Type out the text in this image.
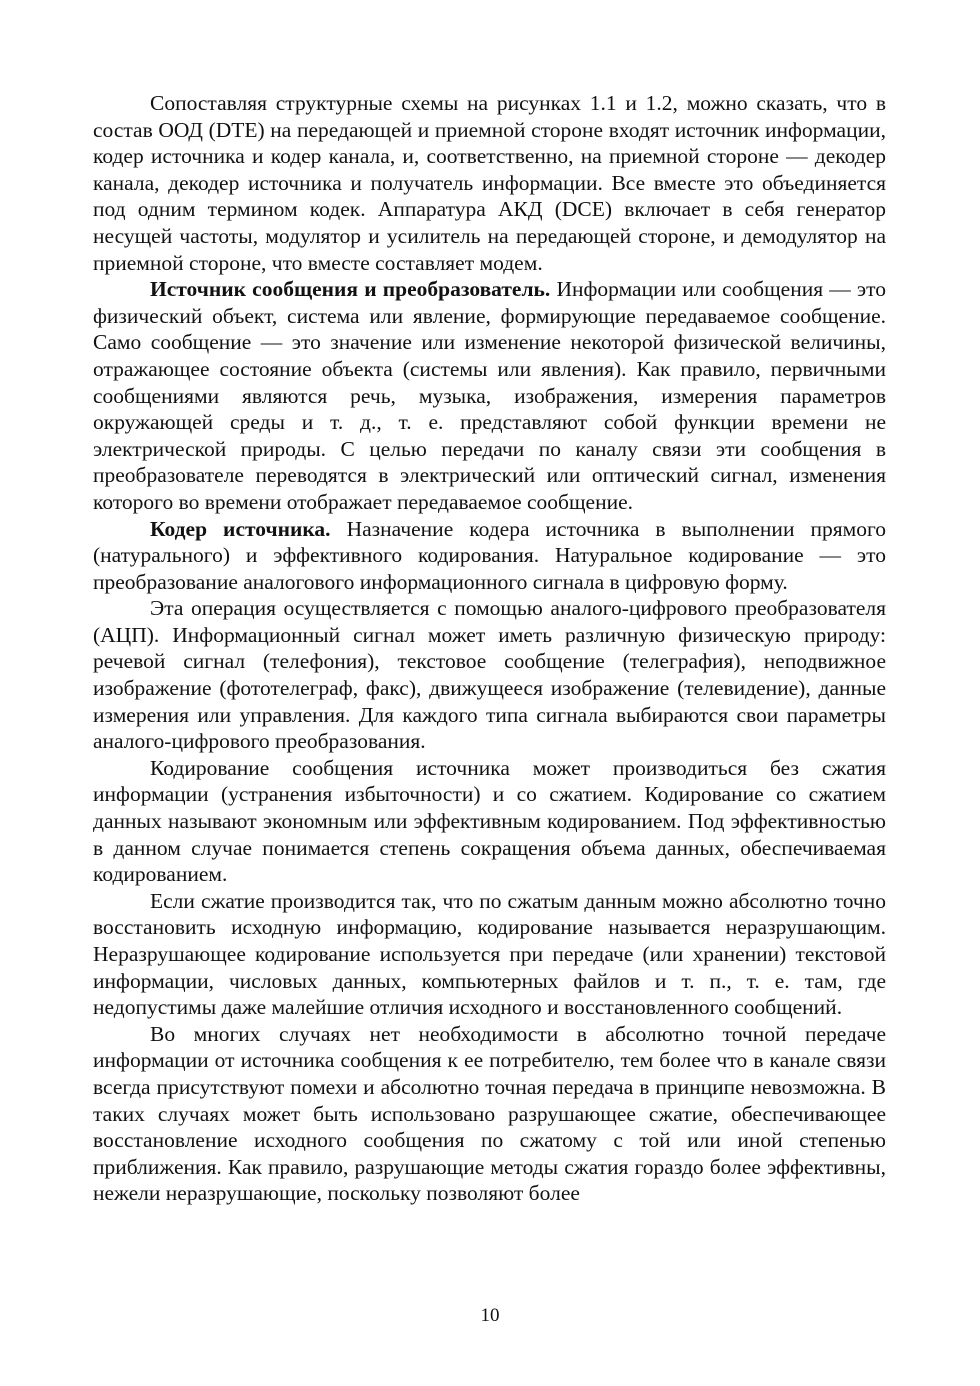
Сопоставляя структурные схемы на рисунках 1.1 и 1.2, можно сказать, что в состав ООД (DTE) на передающей и приемной стороне входят источник информации, кодер источника и кодер канала, и, соответственно, на приемной стороне — декодер канала, декодер источника и получатель информации. Все вместе это объединяется под одним термином кодек. Аппаратура АКД (DCE) включает в себя генератор несущей частоты, модулятор и усилитель на передающей стороне, и демодулятор на приемной стороне, что вместе составляет модем.

Источник сообщения и преобразователь. Информации или сообщения — это физический объект, система или явление, формирующие передаваемое сообщение. Само сообщение — это значение или изменение некоторой физической величины, отражающее состояние объекта (системы или явления). Как правило, первичными сообщениями являются речь, музыка, изображения, измерения параметров окружающей среды и т. д., т. е. представляют собой функции времени не электрической природы. С целью передачи по каналу связи эти сообщения в преобразователе переводятся в электрический или оптический сигнал, изменения которого во времени отображает передаваемое сообщение.

Кодер источника. Назначение кодера источника в выполнении прямого (натурального) и эффективного кодирования. Натуральное кодирование — это преобразование аналогового информационного сигнала в цифровую форму.

Эта операция осуществляется с помощью аналого-цифрового преобразователя (АЦП). Информационный сигнал может иметь различную физическую природу: речевой сигнал (телефония), текстовое сообщение (телеграфия), неподвижное изображение (фототелеграф, факс), движущееся изображение (телевидение), данные измерения или управления. Для каждого типа сигнала выбираются свои параметры аналого-цифрового преобразования.

Кодирование сообщения источника может производиться без сжатия информации (устранения избыточности) и со сжатием. Кодирование со сжатием данных называют экономным или эффективным кодированием. Под эффективностью в данном случае понимается степень сокращения объема данных, обеспечиваемая кодированием.

Если сжатие производится так, что по сжатым данным можно абсолютно точно восстановить исходную информацию, кодирование называется неразрушающим. Неразрушающее кодирование используется при передаче (или хранении) текстовой информации, числовых данных, компьютерных файлов и т. п., т. е. там, где недопустимы даже малейшие отличия исходного и восстановленного сообщений.

Во многих случаях нет необходимости в абсолютно точной передаче информации от источника сообщения к ее потребителю, тем более что в канале связи всегда присутствуют помехи и абсолютно точная передача в принципе невозможна. В таких случаях может быть использовано разрушающее сжатие, обеспечивающее восстановление исходного сообщения по сжатому с той или иной степенью приближения. Как правило, разрушающие методы сжатия гораздо более эффективны, нежели неразрушающие, поскольку позволяют более

10
